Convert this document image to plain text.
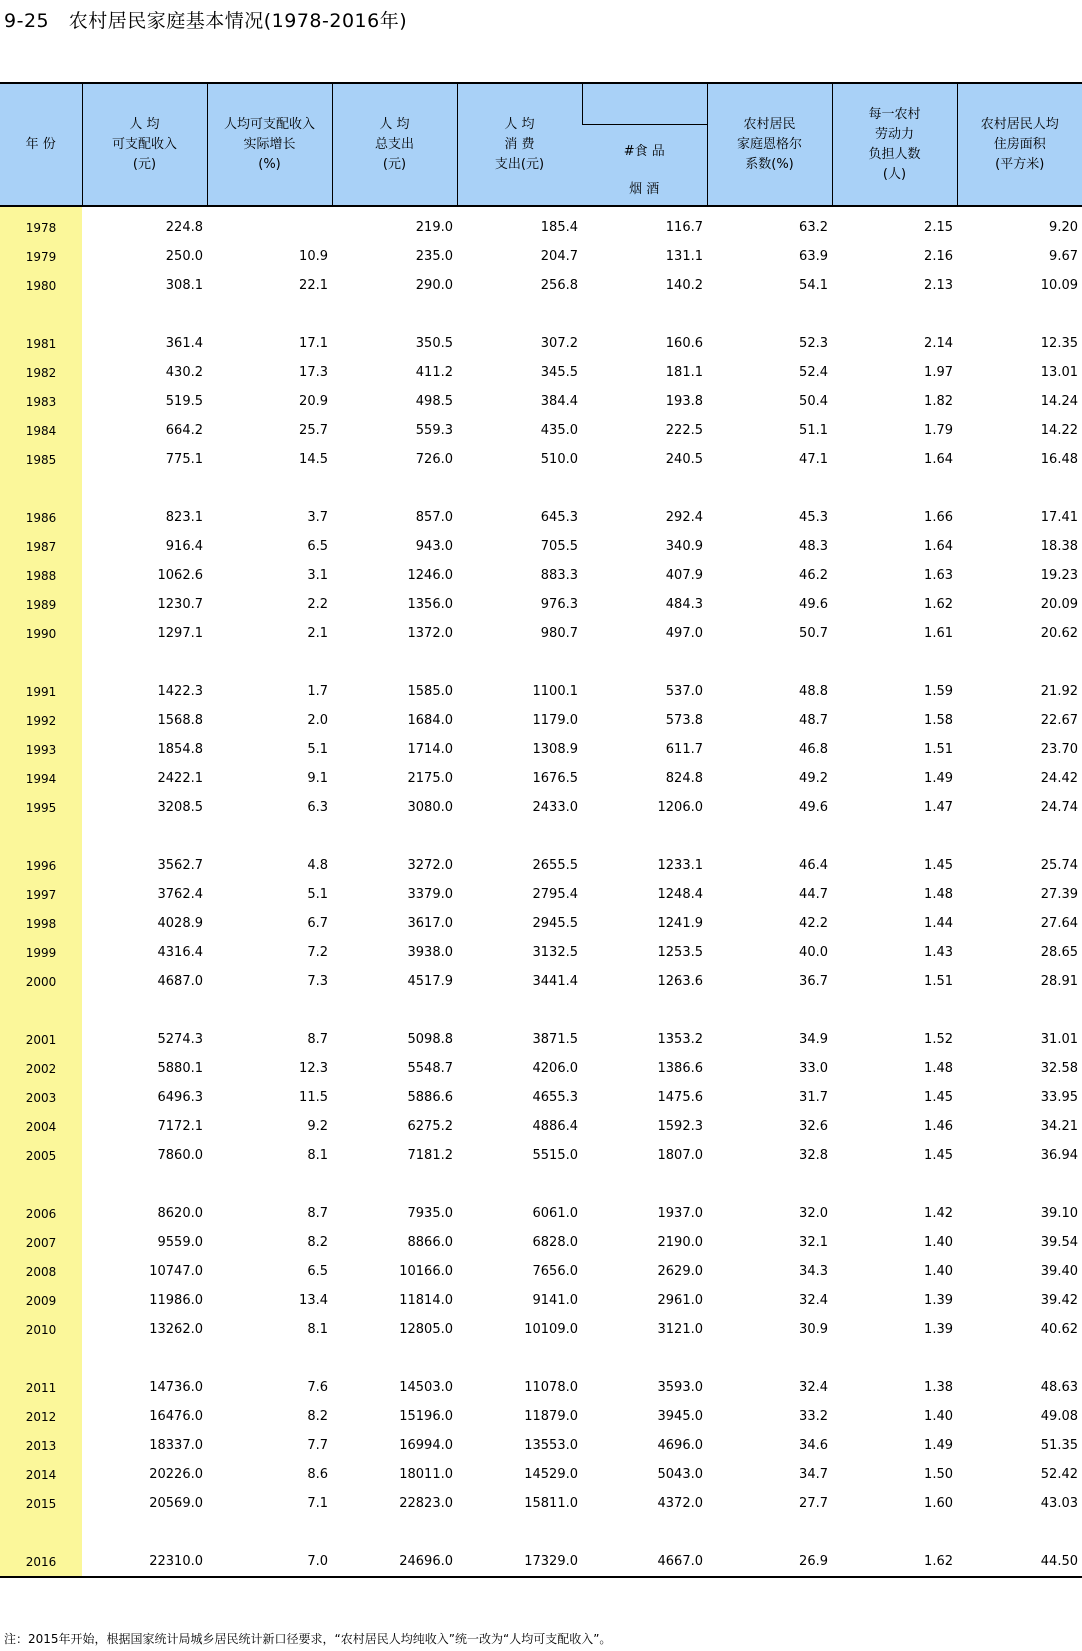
9-25   农村居民家庭基本情况(1978-2016年)
年 份	人 均
可支配收入
(元)	人均可支配收入
实际增长
(%)	人 均
总支出
(元)	人 均
消 费
支出(元)		农村居民
家庭恩格尔
系数(%)	每一农村
劳动力
负担人数
(人)	农村居民人均
住房面积
(平方米)

					#食 品
烟 酒			

1978	224.8		219.0	185.4	116.7	63.2	2.15	9.20
1979	250.0	10.9	235.0	204.7	131.1	63.9	2.16	9.67
1980	308.1	22.1	290.0	256.8	140.2	54.1	2.13	10.09

1981	361.4	17.1	350.5	307.2	160.6	52.3	2.14	12.35
1982	430.2	17.3	411.2	345.5	181.1	52.4	1.97	13.01
1983	519.5	20.9	498.5	384.4	193.8	50.4	1.82	14.24
1984	664.2	25.7	559.3	435.0	222.5	51.1	1.79	14.22
1985	775.1	14.5	726.0	510.0	240.5	47.1	1.64	16.48

1986	823.1	3.7	857.0	645.3	292.4	45.3	1.66	17.41
1987	916.4	6.5	943.0	705.5	340.9	48.3	1.64	18.38
1988	1062.6	3.1	1246.0	883.3	407.9	46.2	1.63	19.23
1989	1230.7	2.2	1356.0	976.3	484.3	49.6	1.62	20.09
1990	1297.1	2.1	1372.0	980.7	497.0	50.7	1.61	20.62

1991	1422.3	1.7	1585.0	1100.1	537.0	48.8	1.59	21.92
1992	1568.8	2.0	1684.0	1179.0	573.8	48.7	1.58	22.67
1993	1854.8	5.1	1714.0	1308.9	611.7	46.8	1.51	23.70
1994	2422.1	9.1	2175.0	1676.5	824.8	49.2	1.49	24.42
1995	3208.5	6.3	3080.0	2433.0	1206.0	49.6	1.47	24.74

1996	3562.7	4.8	3272.0	2655.5	1233.1	46.4	1.45	25.74
1997	3762.4	5.1	3379.0	2795.4	1248.4	44.7	1.48	27.39
1998	4028.9	6.7	3617.0	2945.5	1241.9	42.2	1.44	27.64
1999	4316.4	7.2	3938.0	3132.5	1253.5	40.0	1.43	28.65
2000	4687.0	7.3	4517.9	3441.4	1263.6	36.7	1.51	28.91

2001	5274.3	8.7	5098.8	3871.5	1353.2	34.9	1.52	31.01
2002	5880.1	12.3	5548.7	4206.0	1386.6	33.0	1.48	32.58
2003	6496.3	11.5	5886.6	4655.3	1475.6	31.7	1.45	33.95
2004	7172.1	9.2	6275.2	4886.4	1592.3	32.6	1.46	34.21
2005	7860.0	8.1	7181.2	5515.0	1807.0	32.8	1.45	36.94

2006	8620.0	8.7	7935.0	6061.0	1937.0	32.0	1.42	39.10
2007	9559.0	8.2	8866.0	6828.0	2190.0	32.1	1.40	39.54
2008	10747.0	6.5	10166.0	7656.0	2629.0	34.3	1.40	39.40
2009	11986.0	13.4	11814.0	9141.0	2961.0	32.4	1.39	39.42
2010	13262.0	8.1	12805.0	10109.0	3121.0	30.9	1.39	40.62

2011	14736.0	7.6	14503.0	11078.0	3593.0	32.4	1.38	48.63
2012	16476.0	8.2	15196.0	11879.0	3945.0	33.2	1.40	49.08
2013	18337.0	7.7	16994.0	13553.0	4696.0	34.6	1.49	51.35
2014	20226.0	8.6	18011.0	14529.0	5043.0	34.7	1.50	52.42
2015	20569.0	7.1	22823.0	15811.0	4372.0	27.7	1.60	43.03

2016	22310.0	7.0	24696.0	17329.0	4667.0	26.9	1.62	44.50
注：2015年开始，根据国家统计局城乡居民统计新口径要求，“农村居民人均纯收入”统一改为“人均可支配收入”。
